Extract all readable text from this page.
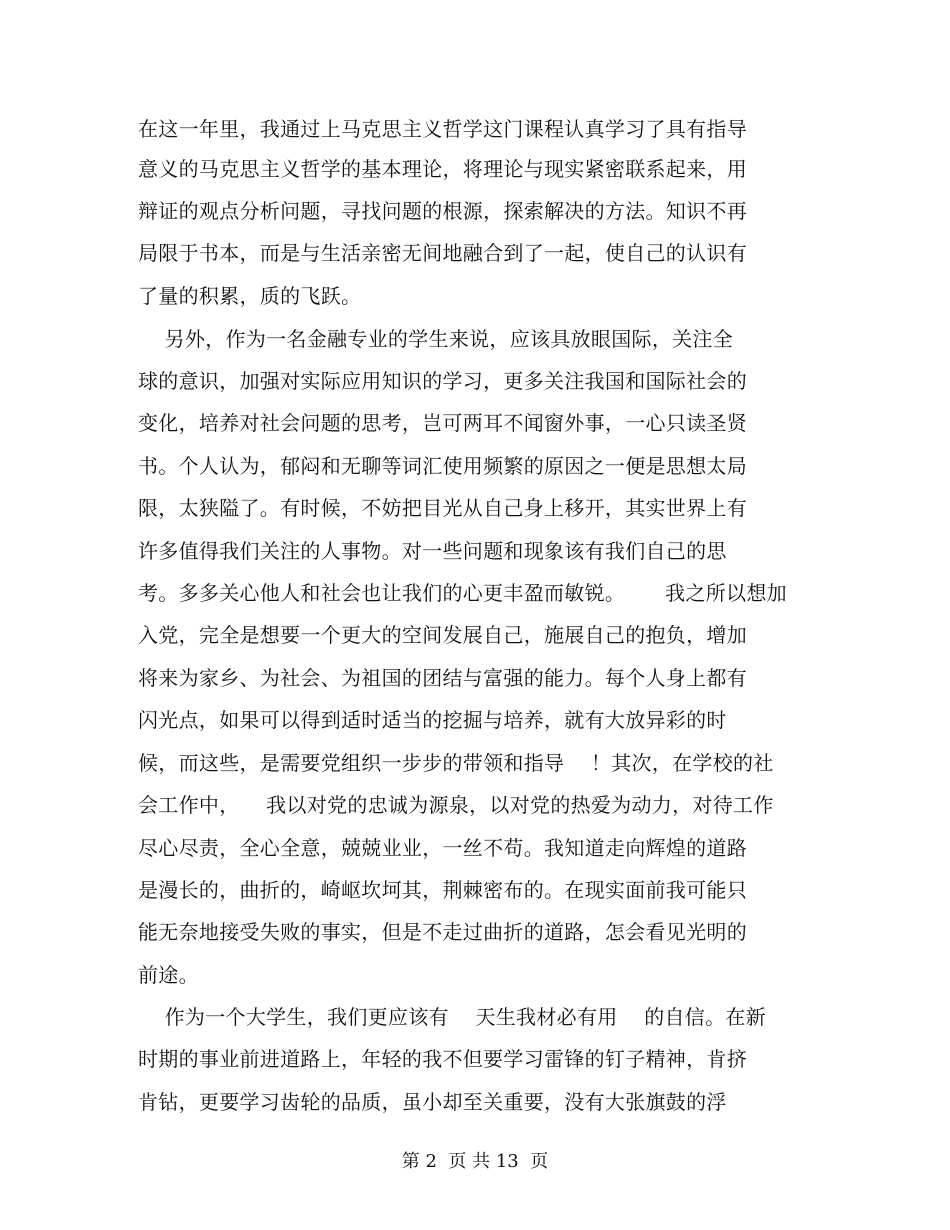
在这一年里，我通过上马克思主义哲学这门课程认真学习了具有指导
意义的马克思主义哲学的基本理论，将理论与现实紧密联系起来，用
辩证的观点分析问题，寻找问题的根源，探索解决的方法。知识不再
局限于书本，而是与生活亲密无间地融合到了一起，使自己的认识有
了量的积累，质的飞跃。
另外，作为一名金融专业的学生来说，应该具放眼国际，关注全
球的意识，加强对实际应用知识的学习，更多关注我国和国际社会的
变化，培养对社会问题的思考，岂可两耳不闻窗外事，一心只读圣贤
书。个人认为，郁闷和无聊等词汇使用频繁的原因之一便是思想太局
限，太狭隘了。有时候，不妨把目光从自己身上移开，其实世界上有
许多值得我们关注的人事物。对一些问题和现象该有我们自己的思
考。多多关心他人和社会也让我们的心更丰盈而敏锐。      我之所以想加
入党，完全是想要一个更大的空间发展自己，施展自己的抱负，增加
将来为家乡、为社会、为祖国的团结与富强的能力。每个人身上都有
闪光点，如果可以得到适时适当的挖掘与培养，就有大放异彩的时
候，而这些，是需要党组织一步步的带领和指导    ！其次，在学校的社
会工作中，    我以对党的忠诚为源泉，以对党的热爱为动力，对待工作
尽心尽责，全心全意，兢兢业业，一丝不苟。我知道走向辉煌的道路
是漫长的，曲折的，崎岖坎坷其，荆棘密布的。在现实面前我可能只
能无奈地接受失败的事实，但是不走过曲折的道路，怎会看见光明的
前途。
作为一个大学生，我们更应该有    天生我材必有用    的自信。在新
时期的事业前进道路上，年轻的我不但要学习雷锋的钉子精神，肯挤
肯钻，更要学习齿轮的品质，虽小却至关重要，没有大张旗鼓的浮
第 2  页 共 13  页
